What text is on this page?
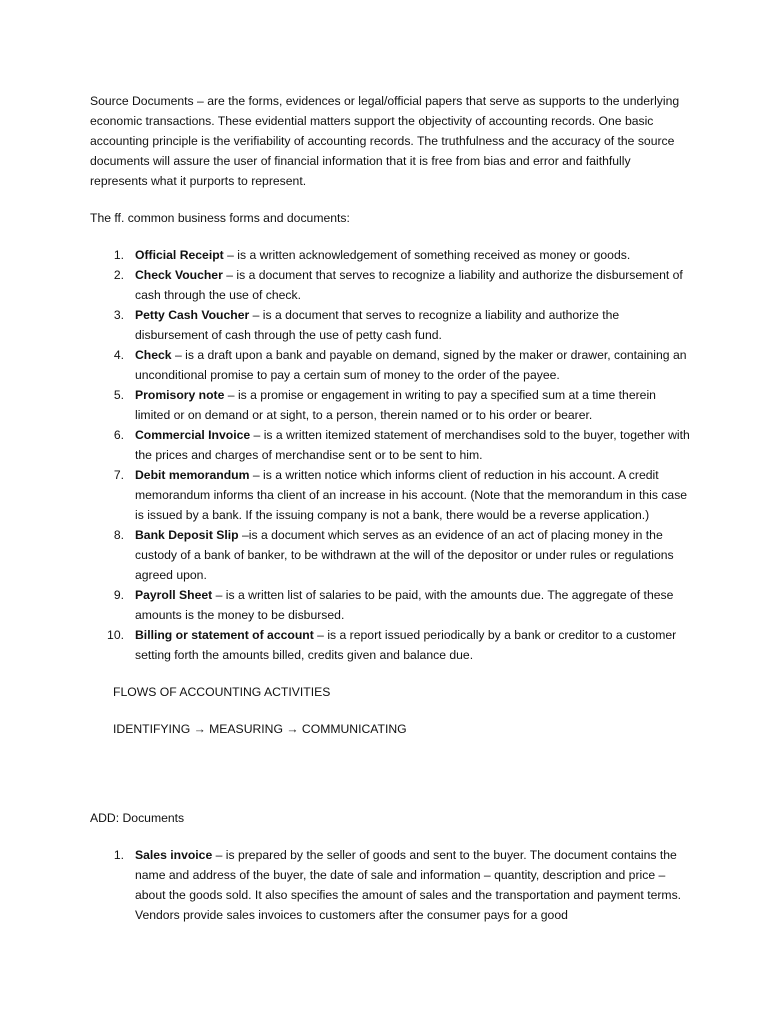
Source Documents – are the forms, evidences or legal/official papers that serve as supports to the underlying economic transactions. These evidential matters support the objectivity of accounting records. One basic accounting principle is the verifiability of accounting records. The truthfulness and the accuracy of the source documents will assure the user of financial information that it is free from bias and error and faithfully represents what it purports to represent.

The ff. common business forms and documents:

1. Official Receipt – is a written acknowledgement of something received as money or goods.
2. Check Voucher – is a document that serves to recognize a liability and authorize the disbursement of cash through the use of check.
3. Petty Cash Voucher – is a document that serves to recognize a liability and authorize the disbursement of cash through the use of petty cash fund.
4. Check – is a draft upon a bank and payable on demand, signed by the maker or drawer, containing an unconditional promise to pay a certain sum of money to the order of the payee.
5. Promisory note – is a promise or engagement in writing to pay a specified sum at a time therein limited or on demand or at sight, to a person, therein named or to his order or bearer.
6. Commercial Invoice – is a written itemized statement of merchandises sold to the buyer, together with the prices and charges of merchandise sent or to be sent to him.
7. Debit memorandum – is a written notice which informs client of reduction in his account. A credit memorandum informs tha client of an increase in his account. (Note that the memorandum in this case is issued by a bank. If the issuing company is not a bank, there would be a reverse application.)
8. Bank Deposit Slip –is a document which serves as an evidence of an act of placing money in the custody of a bank of banker, to be withdrawn at the will of the depositor or under rules or regulations agreed upon.
9. Payroll Sheet – is a written list of salaries to be paid, with the amounts due. The aggregate of these amounts is the money to be disbursed.
10. Billing or statement of account – is a report issued periodically by a bank or creditor to a customer setting forth the amounts billed, credits given and balance due.

FLOWS OF ACCOUNTING ACTIVITIES

IDENTIFYING → MEASURING → COMMUNICATING

ADD: Documents

1. Sales invoice – is prepared by the seller of goods and sent to the buyer. The document contains the name and address of the buyer, the date of sale and information – quantity, description and price – about the goods sold. It also specifies the amount of sales and the transportation and payment terms. Vendors provide sales invoices to customers after the consumer pays for a good
